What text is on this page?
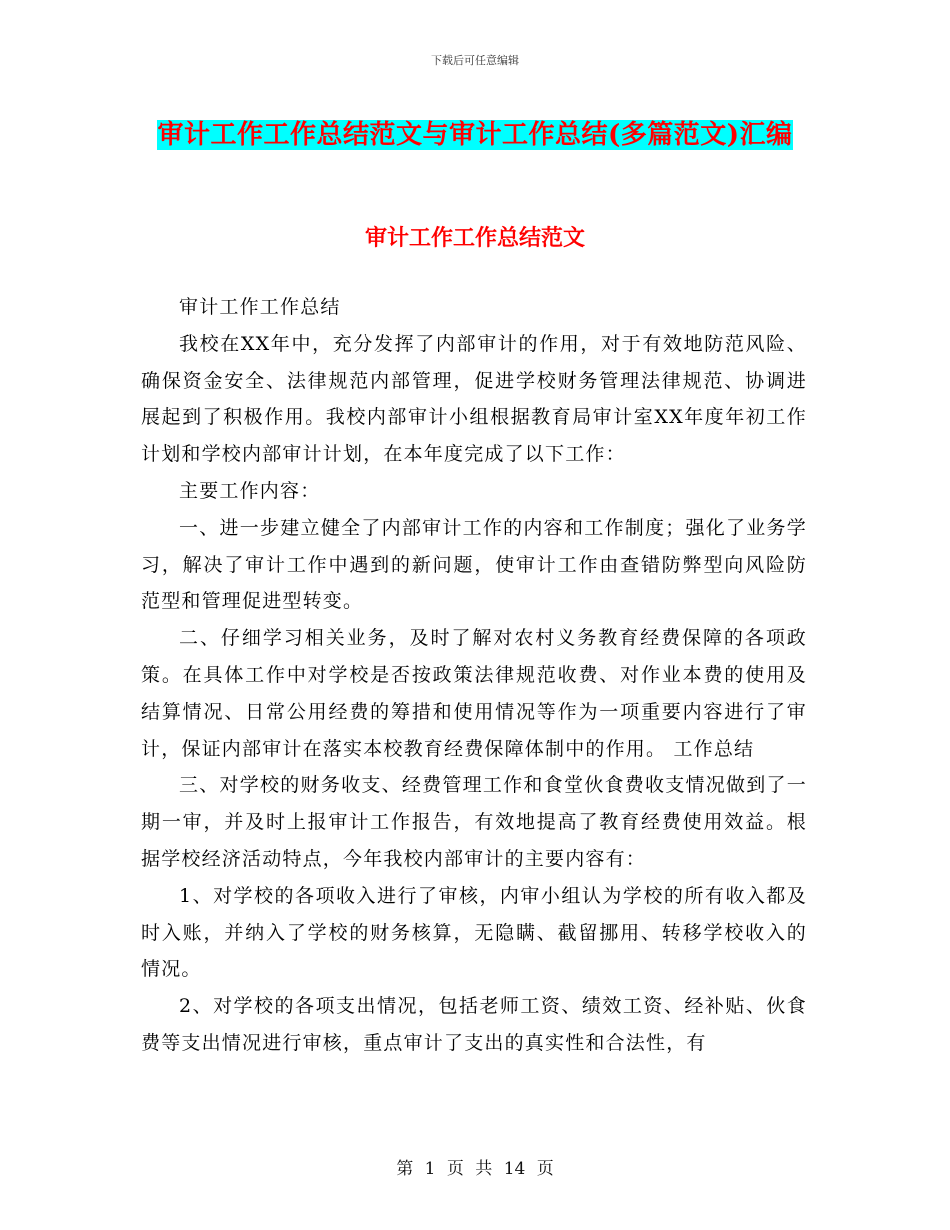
下载后可任意编辑
审计工作工作总结范文与审计工作总结(多篇范文)汇编
审计工作工作总结范文

审计工作工作总结

我校在XX年中，充分发挥了内部审计的作用，对于有效地防范风险、确保资金安全、法律规范内部管理，促进学校财务管理法律规范、协调进展起到了积极作用。我校内部审计小组根据教育局审计室XX年度年初工作计划和学校内部审计计划，在本年度完成了以下工作：

主要工作内容：

一、进一步建立健全了内部审计工作的内容和工作制度；强化了业务学习，解决了审计工作中遇到的新问题，使审计工作由查错防弊型向风险防范型和管理促进型转变。

二、仔细学习相关业务，及时了解对农村义务教育经费保障的各项政策。在具体工作中对学校是否按政策法律规范收费、对作业本费的使用及结算情况、日常公用经费的筹措和使用情况等作为一项重要内容进行了审计，保证内部审计在落实本校教育经费保障体制中的作用。 工作总结

三、对学校的财务收支、经费管理工作和食堂伙食费收支情况做到了一期一审，并及时上报审计工作报告，有效地提高了教育经费使用效益。根据学校经济活动特点，今年我校内部审计的主要内容有：

1、对学校的各项收入进行了审核，内审小组认为学校的所有收入都及时入账，并纳入了学校的财务核算，无隐瞒、截留挪用、转移学校收入的情况。

2、对学校的各项支出情况，包括老师工资、绩效工资、经补贴、伙食费等支出情况进行审核，重点审计了支出的真实性和合法性，有

第 1 页 共 14 页
